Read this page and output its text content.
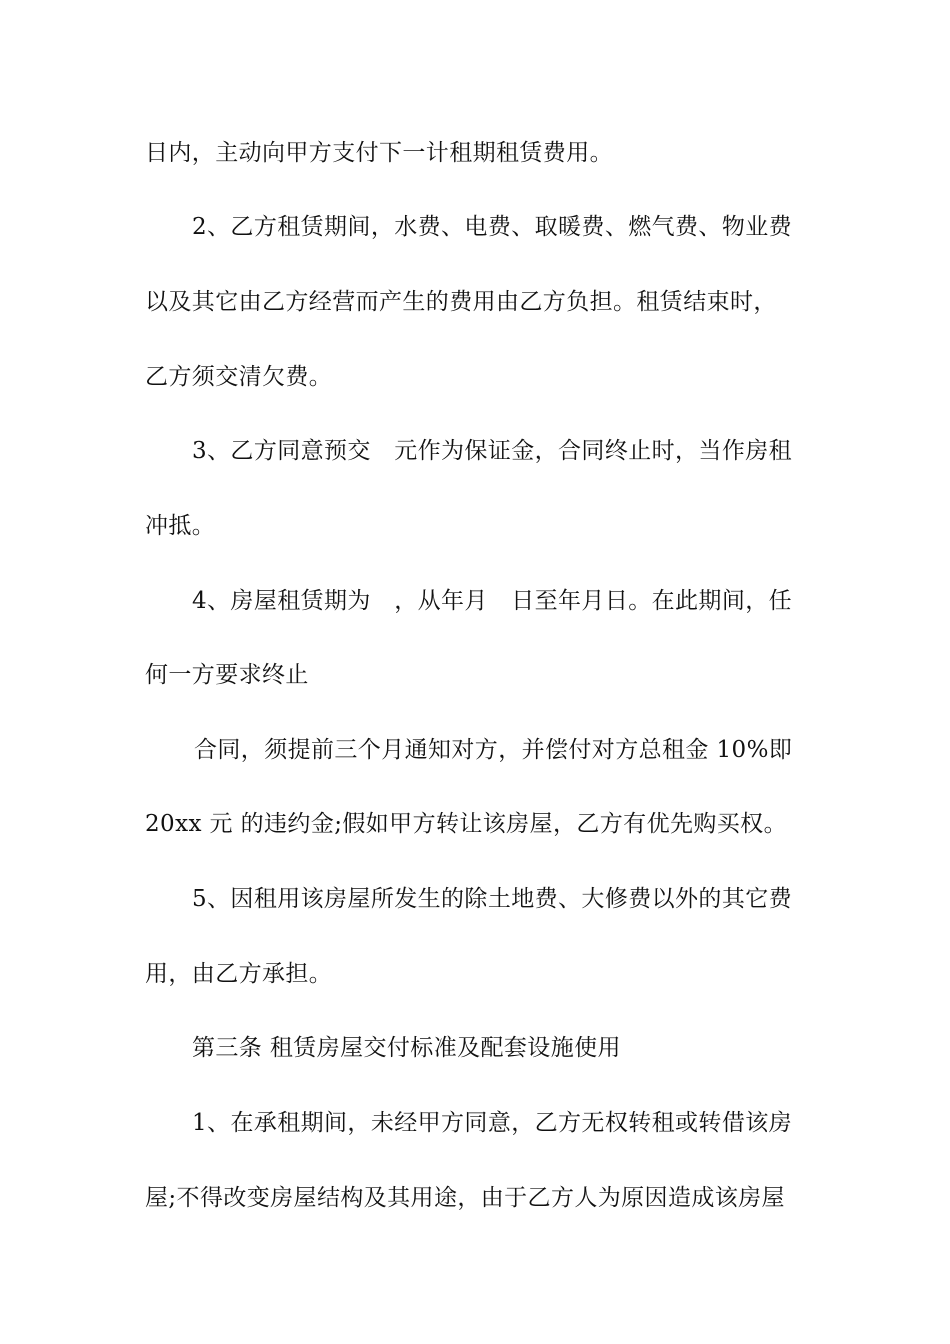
日内，主动向甲方支付下一计租期租赁费用。
2、乙方租赁期间，水费、电费、取暖费、燃气费、物业费
以及其它由乙方经营而产生的费用由乙方负担。租赁结束时，
乙方须交清欠费。
3、乙方同意预交　元作为保证金，合同终止时，当作房租
冲抵。
4、房屋租赁期为　，从年月　日至年月日。在此期间，任
何一方要求终止
合同，须提前三个月通知对方，并偿付对方总租金 10%即
20xx 元 的违约金;假如甲方转让该房屋，乙方有优先购买权。
5、因租用该房屋所发生的除土地费、大修费以外的其它费
用，由乙方承担。
第三条 租赁房屋交付标准及配套设施使用
1、在承租期间，未经甲方同意，乙方无权转租或转借该房
屋;不得改变房屋结构及其用途，由于乙方人为原因造成该房屋
